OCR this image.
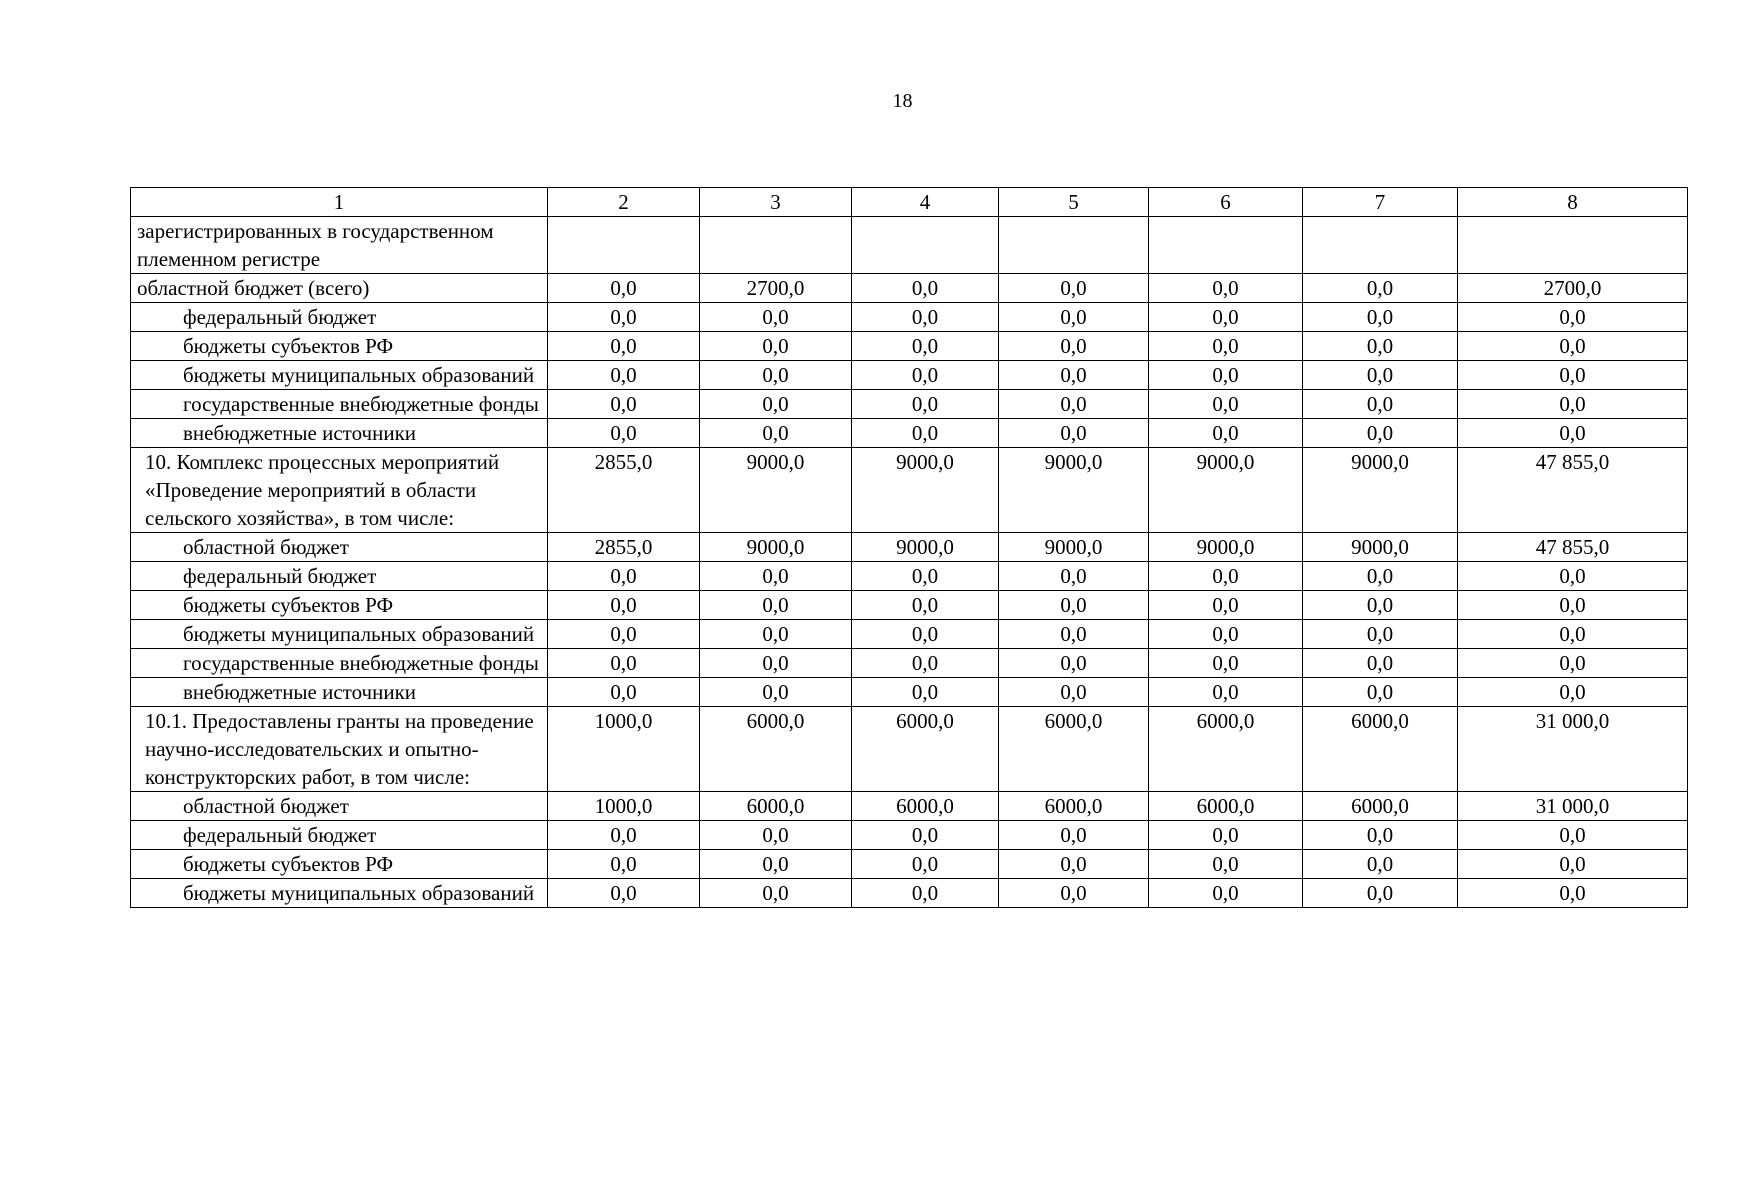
18
1	2	3	4	5	6	7	8
зарегистрированных в государственном племенном регистре							
областной бюджет (всего)	0,0	2700,0	0,0	0,0	0,0	0,0	2700,0
федеральный бюджет	0,0	0,0	0,0	0,0	0,0	0,0	0,0
бюджеты субъектов РФ	0,0	0,0	0,0	0,0	0,0	0,0	0,0
бюджеты муниципальных образований	0,0	0,0	0,0	0,0	0,0	0,0	0,0
государственные внебюджетные фонды	0,0	0,0	0,0	0,0	0,0	0,0	0,0
внебюджетные источники	0,0	0,0	0,0	0,0	0,0	0,0	0,0
10. Комплекс процессных мероприятий «Проведение мероприятий в области сельского хозяйства», в том числе:	2855,0	9000,0	9000,0	9000,0	9000,0	9000,0	47 855,0
областной бюджет	2855,0	9000,0	9000,0	9000,0	9000,0	9000,0	47 855,0
федеральный бюджет	0,0	0,0	0,0	0,0	0,0	0,0	0,0
бюджеты субъектов РФ	0,0	0,0	0,0	0,0	0,0	0,0	0,0
бюджеты муниципальных образований	0,0	0,0	0,0	0,0	0,0	0,0	0,0
государственные внебюджетные фонды	0,0	0,0	0,0	0,0	0,0	0,0	0,0
внебюджетные источники	0,0	0,0	0,0	0,0	0,0	0,0	0,0
10.1. Предоставлены гранты на проведение научно-исследовательских и опытно-конструкторских работ, в том числе:	1000,0	6000,0	6000,0	6000,0	6000,0	6000,0	31 000,0
областной бюджет	1000,0	6000,0	6000,0	6000,0	6000,0	6000,0	31 000,0
федеральный бюджет	0,0	0,0	0,0	0,0	0,0	0,0	0,0
бюджеты субъектов РФ	0,0	0,0	0,0	0,0	0,0	0,0	0,0
бюджеты муниципальных образований	0,0	0,0	0,0	0,0	0,0	0,0	0,0
